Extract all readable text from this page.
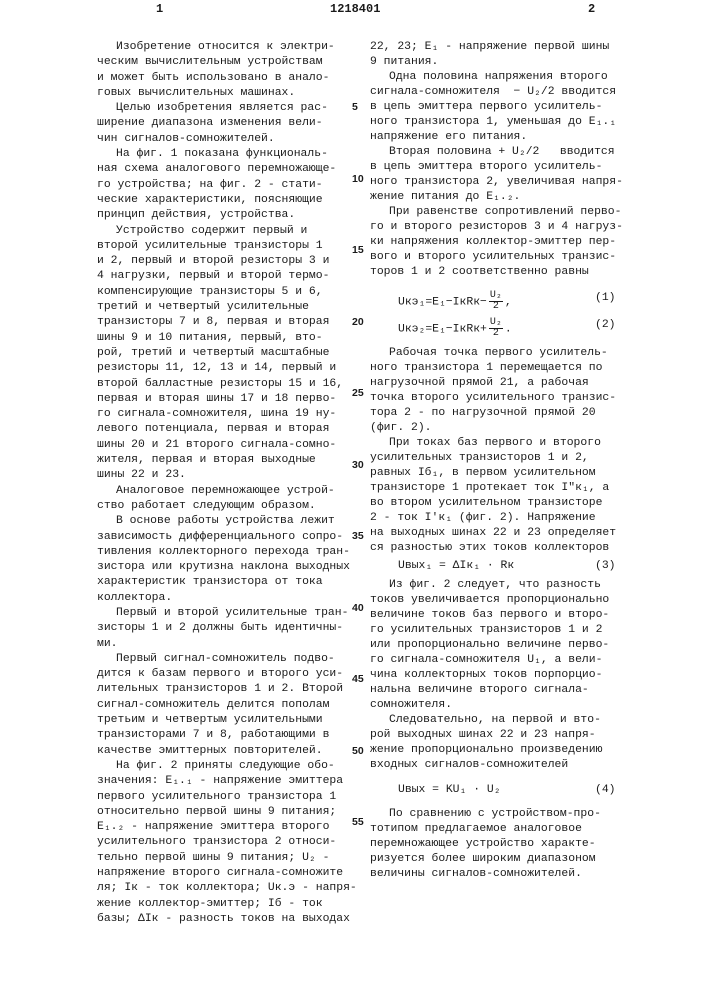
1	1218401	2
5
10
15
20
25
30
35
40
45
50
55
Изобретение относится к электри-
ческим вычислительным устройствам
и может быть использовано в анало-
говых вычислительных машинах.
Целью изобретения является рас-
ширение диапазона изменения вели-
чин сигналов-сомножителей.
На фиг. 1 показана функциональ-
ная схема аналогового перемножающе-
го устройства; на фиг. 2 - стати-
ческие характеристики, поясняющие
принцип действия, устройства.
Устройство содержит первый и
второй усилительные транзисторы 1
и 2, первый и второй резисторы 3 и
4 нагрузки, первый и второй термо-
компенсирующие транзисторы 5 и 6,
третий и четвертый усилительные
транзисторы 7 и 8, первая и вторая
шины 9 и 10 питания, первый, вто-
рой, третий и четвертый масштабные
резисторы 11, 12, 13 и 14, первый и
второй балластные резисторы 15 и 16,
первая и вторая шины 17 и 18 перво-
го сигнала-сомножителя, шина 19 ну-
левого потенциала, первая и вторая
шины 20 и 21 второго сигнала-сомно-
жителя, первая и вторая выходные
шины 22 и 23.
Аналоговое перемножающее устрой-
ство работает следующим образом.
В основе работы устройства лежит
зависимость дифференциального сопро-
тивления коллекторного перехода тран-
зистора или крутизна наклона выходных
характеристик транзистора от тока
коллектора.
Первый и второй усилительные тран-
зисторы 1 и 2 должны быть идентичны-
ми.
Первый сигнал-сомножитель подво-
дится к базам первого и второго уси-
лительных транзисторов 1 и 2. Второй
сигнал-сомножитель делится пополам
третьим и четвертым усилительными
транзисторами 7 и 8, работающими в
качестве эмиттерных повторителей.
На фиг. 2 приняты следующие обо-
значения: E₁.₁ - напряжение эмиттера
первого усилительного транзистора 1
относительно первой шины 9 питания;
E₁.₂ - напряжение эмиттера второго
усилительного транзистора 2 относи-
тельно первой шины 9 питания; U₂ -
напряжение второго сигнала-сомножите
ля; Iк - ток коллектора; Uк.э - напря-
жение коллектор-эмиттер; Iб - ток
базы; ΔIк - разность токов на выходах
22, 23; E₁ - напряжение первой шины
9 питания.
Одна половина напряжения второго
сигнала-сомножителя  − U₂/2 вводится
в цепь эмиттера первого усилитель-
ного транзистора 1, уменьшая до E₁.₁
напряжение его питания.
Вторая половина + U₂/2   вводится
в цепь эмиттера второго усилитель-
ного транзистора 2, увеличивая напря-
жение питания до E₁.₂.
При равенстве сопротивлений перво-
го и второго резисторов 3 и 4 нагруз-
ки напряжения коллектор-эмиттер пер-
вого и второго усилительных транзис-
торов 1 и 2 соответственно равны
Uкэ₁=E₁−IкRк−
U₂
2 ,	(1)
Uкэ₂=E₁−IкRк+
U₂
2 .	(2)
Рабочая точка первого усилитель-
ного транзистора 1 перемещается по
нагрузочной прямой 21, а рабочая
точка второго усилительного транзис-
тора 2 - по нагрузочной прямой 20
(фиг. 2).
При токах баз первого и второго
усилительных транзисторов 1 и 2,
равных Iб₁, в первом усилительном
транзисторе 1 протекает ток I″к₁, а
во втором усилительном транзисторе
2 - ток I′к₁ (фиг. 2). Напряжение
на выходных шинах 22 и 23 определяет
ся разностью этих токов коллекторов
Uвых₁ = ΔIк₁ · Rк	(3)
Из фиг. 2 следует, что разность
токов увеличивается пропорционально
величине токов баз первого и второ-
го усилительных транзисторов 1 и 2
или пропорционально величине перво-
го сигнала-сомножителя U₁, а вели-
чина коллекторных токов порпорцио-
нальна величине второго сигнала-
сомножителя.
Следовательно, на первой и вто-
рой выходных шинах 22 и 23 напря-
жение пропорционально произведению
входных сигналов-сомножителей
Uвых = KU₁ · U₂	(4)
По сравнению с устройством-про-
тотипом предлагаемое аналоговое
перемножающее устройство характе-
ризуется более широким диапазоном
величины сигналов-сомножителей.
